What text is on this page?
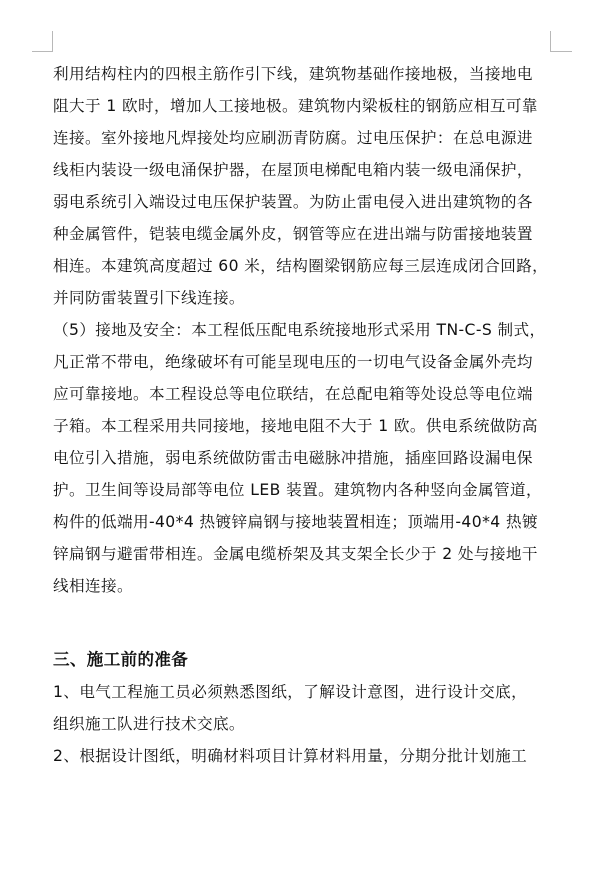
利用结构柱内的四根主筋作引下线，建筑物基础作接地极，当接地电
阻大于 1 欧时，增加人工接地极。建筑物内梁板柱的钢筋应相互可靠
连接。室外接地凡焊接处均应刷沥青防腐。过电压保护：在总电源进
线柜内装设一级电涌保护器，在屋顶电梯配电箱内装一级电涌保护，
弱电系统引入端设过电压保护装置。为防止雷电侵入进出建筑物的各
种金属管件，铠装电缆金属外皮，钢管等应在进出端与防雷接地装置
相连。本建筑高度超过 60 米，结构圈梁钢筋应每三层连成闭合回路，
并同防雷装置引下线连接。
（5）接地及安全：本工程低压配电系统接地形式采用 TN-C-S 制式，
凡正常不带电，绝缘破坏有可能呈现电压的一切电气设备金属外壳均
应可靠接地。本工程设总等电位联结，在总配电箱等处设总等电位端
子箱。本工程采用共同接地，接地电阻不大于 1 欧。供电系统做防高
电位引入措施，弱电系统做防雷击电磁脉冲措施，插座回路设漏电保
护。卫生间等设局部等电位 LEB 装置。建筑物内各种竖向金属管道，
构件的低端用-40*4 热镀锌扁钢与接地装置相连；顶端用-40*4 热镀
锌扁钢与避雷带相连。金属电缆桥架及其支架全长少于 2 处与接地干
线相连接。
三、施工前的准备
1、电气工程施工员必须熟悉图纸，了解设计意图，进行设计交底，
组织施工队进行技术交底。
2、根据设计图纸，明确材料项目计算材料用量，分期分批计划施工
